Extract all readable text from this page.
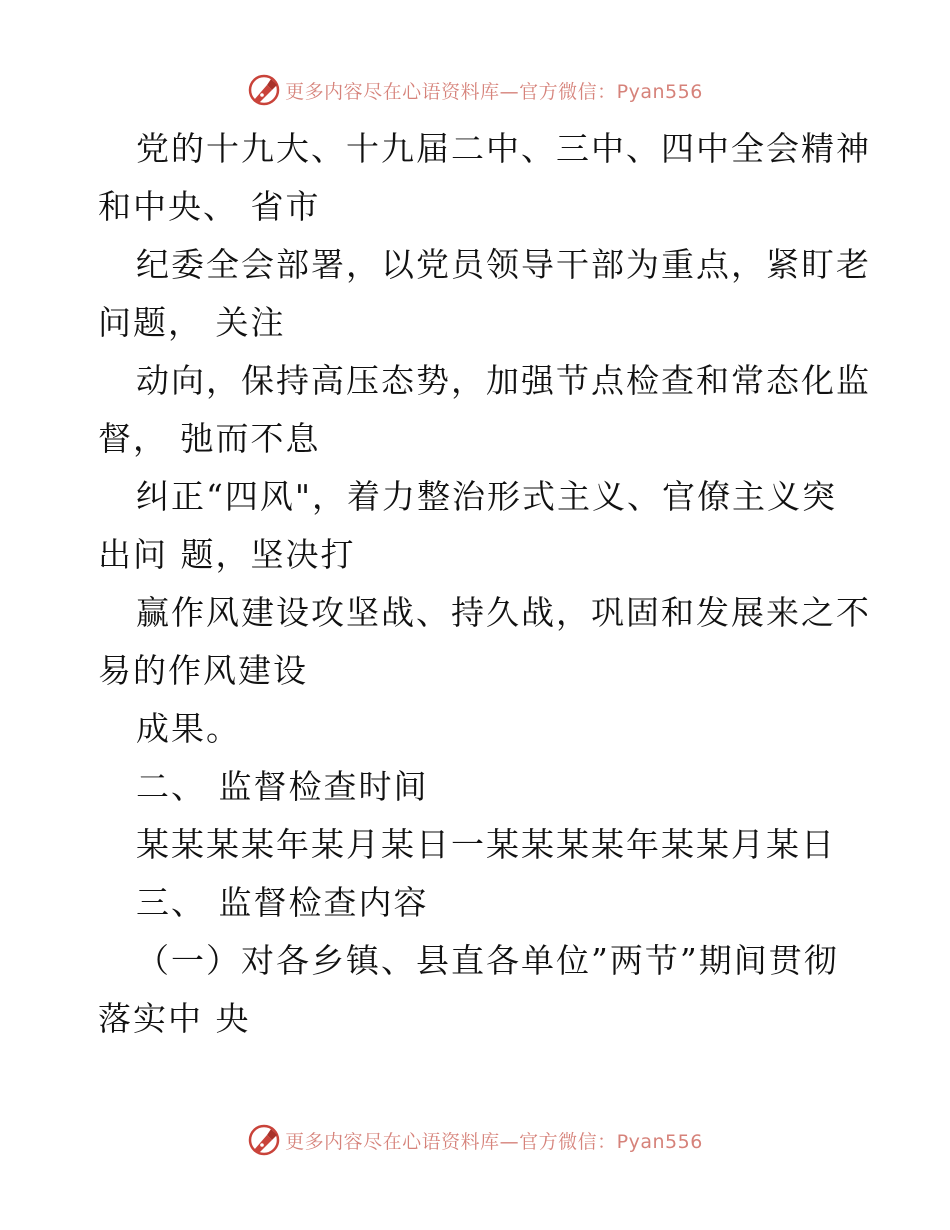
更多内容尽在心语资料库—官方微信：Pyan556
党的十九大、十九届二中、三中、四中全会精神
和中央、 省市
纪委全会部署，以党员领导干部为重点，紧盯老
问题， 关注
动向，保持高压态势，加强节点检查和常态化监
督， 弛而不息
纠正“四风"，着力整治形式主义、官僚主义突
出问 题，坚决打
赢作风建设攻坚战、持久战，巩固和发展来之不
易的作风建设
成果。
二、 监督检查时间
某某某某年某月某日一某某某某年某某月某日
三、 监督检查内容
（一）对各乡镇、县直各单位”两节”期间贯彻
落实中 央
更多内容尽在心语资料库—官方微信：Pyan556
